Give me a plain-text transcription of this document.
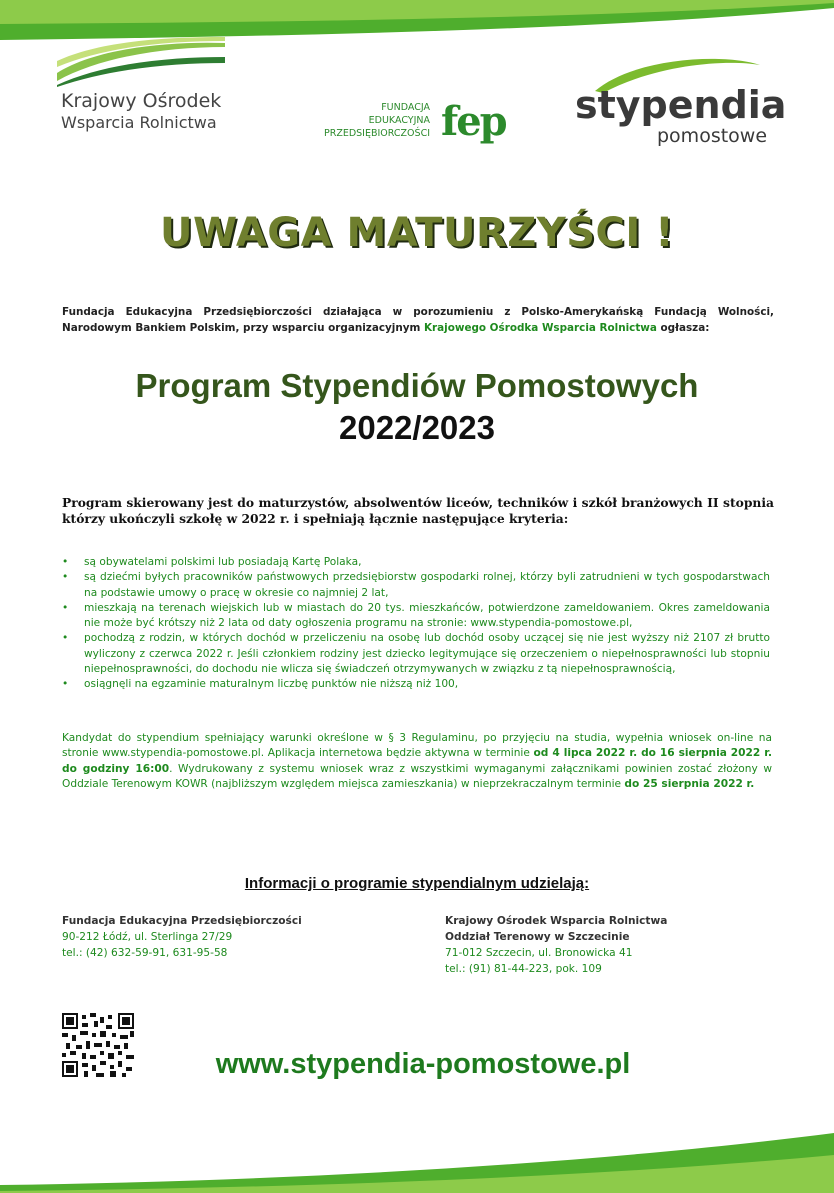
Krajowy Ośrodek
Wsparcia Rolnictwa
FUNDACJA
EDUKACYJNA
PRZEDSIĘBIORCZOŚCI fep stypendia
pomostowe
UWAGA MATURZYŚCI !
Fundacja Edukacyjna Przedsiębiorczości działająca w porozumieniu z Polsko-Amerykańską Fundacją Wolności, Narodowym Bankiem Polskim, przy wsparciu organizacyjnym Krajowego Ośrodka Wsparcia Rolnictwa ogłasza:
Program Stypendiów Pomostowych
2022/2023
Program skierowany jest do maturzystów, absolwentów liceów, techników i szkół branżowych II stopnia którzy ukończyli szkołę w 2022 r. i spełniają łącznie następujące kryteria:
• są obywatelami polskimi lub posiadają Kartę Polaka,
• są dziećmi byłych pracowników państwowych przedsiębiorstw gospodarki rolnej, którzy byli zatrudnieni w tych gospodarstwach na podstawie umowy o pracę w okresie co najmniej 2 lat,
• mieszkają na terenach wiejskich lub w miastach do 20 tys. mieszkańców, potwierdzone zameldowaniem. Okres zameldowania nie może być krótszy niż 2 lata od daty ogłoszenia programu na stronie: www.stypendia-pomostowe.pl,
• pochodzą z rodzin, w których dochód w przeliczeniu na osobę lub dochód osoby uczącej się nie jest wyższy niż 2107 zł brutto wyliczony z czerwca 2022 r. Jeśli członkiem rodziny jest dziecko legitymujące się orzeczeniem o niepełnosprawności lub stopniu niepełnosprawności, do dochodu nie wlicza się świadczeń otrzymywanych w związku z tą niepełnosprawnością,
• osiągnęli na egzaminie maturalnym liczbę punktów nie niższą niż 100,
Kandydat do stypendium spełniający warunki określone w § 3 Regulaminu, po przyjęciu na studia, wypełnia wniosek on-line na stronie www.stypendia-pomostowe.pl. Aplikacja internetowa będzie aktywna w terminie od 4 lipca 2022 r. do 16 sierpnia 2022 r. do godziny 16:00. Wydrukowany z systemu wniosek wraz z wszystkimi wymaganymi załącznikami powinien zostać złożony w Oddziale Terenowym KOWR (najbliższym względem miejsca zamieszkania) w nieprzekraczalnym terminie do 25 sierpnia 2022 r.
Informacji o programie stypendialnym udzielają:
Fundacja Edukacyjna Przedsiębiorczości
90-212 Łódź, ul. Sterlinga 27/29
tel.: (42) 632-59-91, 631-95-58
Krajowy Ośrodek Wsparcia Rolnictwa
Oddział Terenowy w Szczecinie
71-012 Szczecin, ul. Bronowicka 41
tel.: (91) 81-44-223, pok. 109
www.stypendia-pomostowe.pl
